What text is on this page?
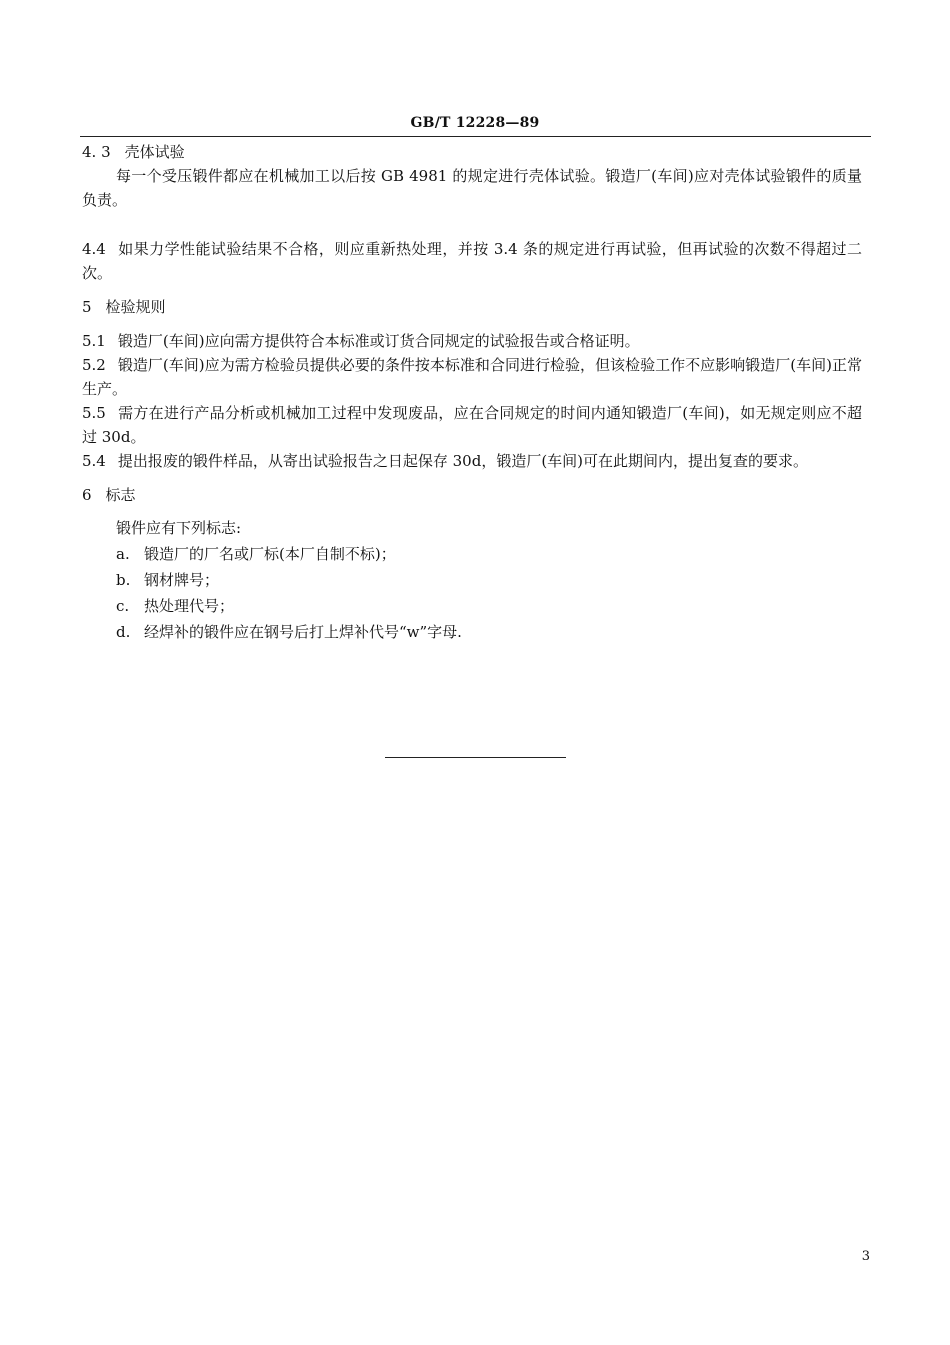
GB/T 12228—89

4. 3 壳体试验

每一个受压锻件都应在机械加工以后按 GB 4981 的规定进行壳体试验。锻造厂(车间)应对壳体试验锻件的质量负责。

4.4 如果力学性能试验结果不合格，则应重新热处理，并按 3.4 条的规定进行再试验，但再试验的次数不得超过二次。

5 检验规则

5.1 锻造厂(车间)应向需方提供符合本标准或订货合同规定的试验报告或合格证明。

5.2 锻造厂(车间)应为需方检验员提供必要的条件按本标准和合同进行检验，但该检验工作不应影响锻造厂(车间)正常生产。

5.5 需方在进行产品分析或机械加工过程中发现废品，应在合同规定的时间内通知锻造厂(车间)，如无规定则应不超过 30d。

5.4 提出报废的锻件样品，从寄出试验报告之日起保存 30d，锻造厂(车间)可在此期间内，提出复查的要求。

6 标志

锻件应有下列标志:

a. 锻造厂的厂名或厂标(本厂自制不标)；

b. 钢材牌号；

c. 热处理代号；

d. 经焊补的锻件应在钢号后打上焊补代号“w”字母.

3
